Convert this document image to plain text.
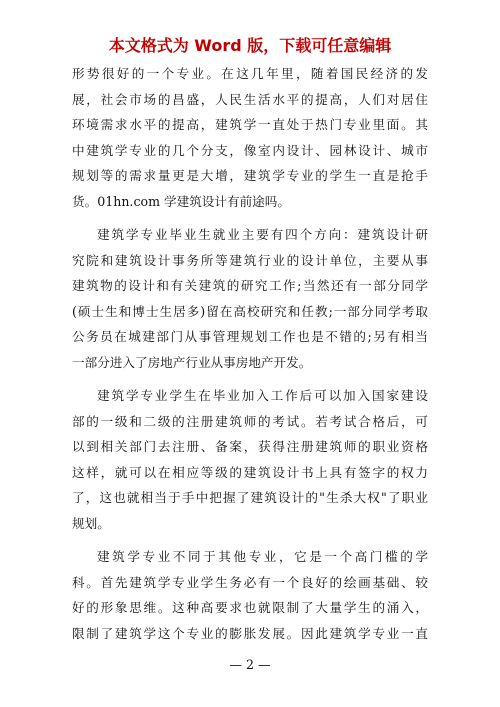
本文格式为 Word 版，下载可任意编辑
形势很好的一个专业。在这几年里，随着国民经济的发
展，社会市场的昌盛，人民生活水平的提高，人们对居住
环境需求水平的提高，建筑学一直处于热门专业里面。其
中建筑学专业的几个分支，像室内设计、园林设计、城市
规划等的需求量更是大增，建筑学专业的学生一直是抢手
货。01hn.com 学建筑设计有前途吗。
建筑学专业毕业生就业主要有四个方向：建筑设计研
究院和建筑设计事务所等建筑行业的设计单位，主要从事
建筑物的设计和有关建筑的研究工作;当然还有一部分同学
(硕士生和博士生居多)留在高校研究和任教;一部分同学考取
公务员在城建部门从事管理规划工作也是不错的;另有相当
一部分进入了房地产行业从事房地产开发。
建筑学专业学生在毕业加入工作后可以加入国家建设
部的一级和二级的注册建筑师的考试。若考试合格后，可
以到相关部门去注册、备案，获得注册建筑师的职业资格
这样，就可以在相应等级的建筑设计书上具有签字的权力
了，这也就相当于手中把握了建筑设计的"生杀大权"了职业
规划。
建筑学专业不同于其他专业，它是一个高门槛的学
科。首先建筑学专业学生务必有一个良好的绘画基础、较
好的形象思维。这种高要求也就限制了大量学生的涌入，
限制了建筑学这个专业的膨胀发展。因此建筑学专业一直
— 2 —
